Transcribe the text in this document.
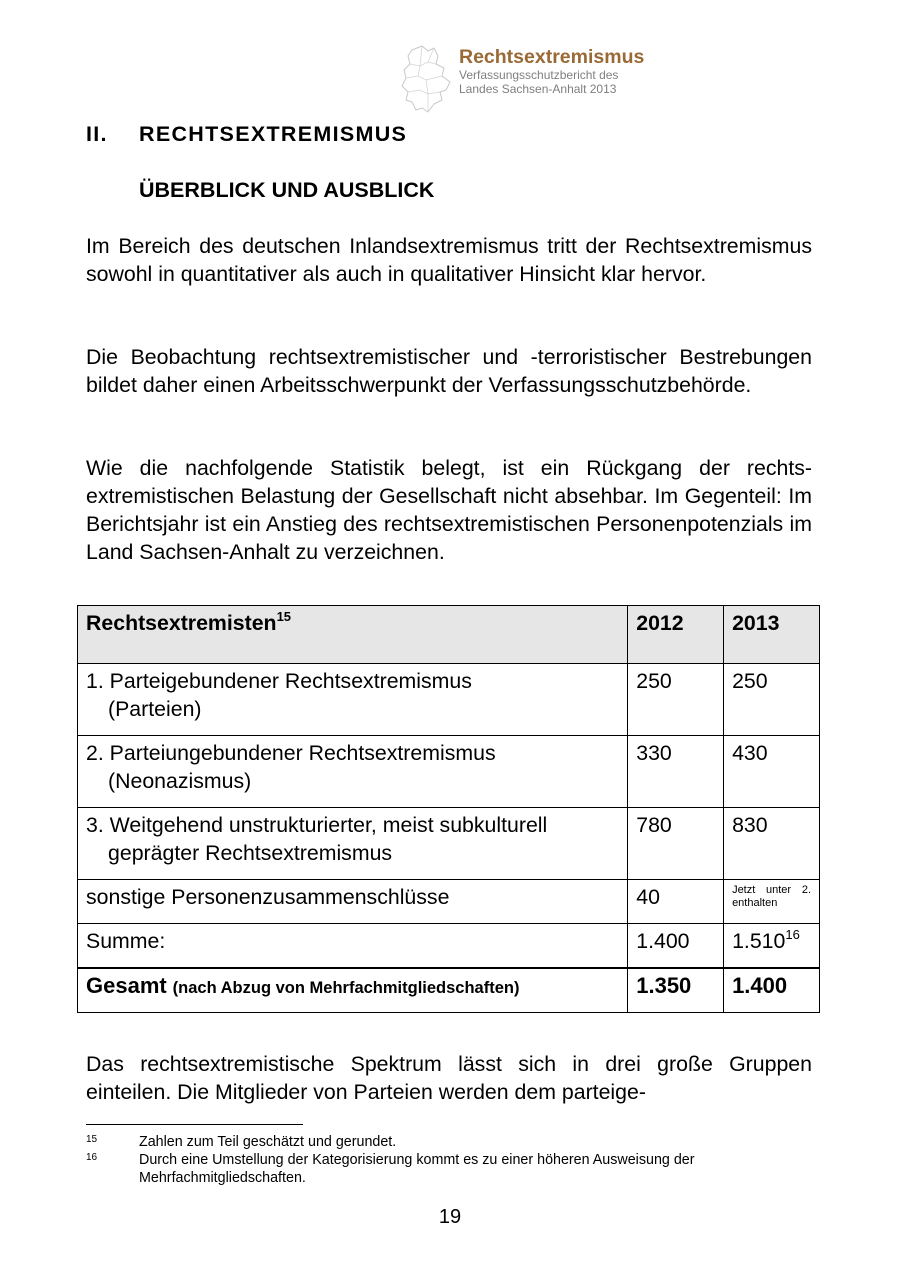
Rechtsextremismus
Verfassungsschutzbericht des
Landes Sachsen-Anhalt 2013
II. RECHTSEXTREMISMUS
ÜBERBLICK UND AUSBLICK

Im Bereich des deutschen Inlandsextremismus tritt der Rechtsextremismus sowohl in quantitativer als auch in qualitativer Hinsicht klar hervor.

Die Beobachtung rechtsextremistischer und -terroristischer Bestrebungen bildet daher einen Arbeitsschwerpunkt der Verfassungsschutzbehörde.

Wie die nachfolgende Statistik belegt, ist ein Rückgang der rechtsextremistischen Belastung der Gesellschaft nicht absehbar. Im Gegenteil: Im Berichtsjahr ist ein Anstieg des rechtsextremistischen Personenpotenzials im Land Sachsen-Anhalt zu verzeichnen.

Rechtsextremisten$^{15}$	2012	2013
1. Parteigebundener Rechtsextremismus
(Parteien)	250	250
2. Parteiungebundener Rechtsextremismus
(Neonazismus)	330	430
3. Weitgehend unstrukturierter, meist subkulturell
geprägter Rechtsextremismus	780	830
sonstige Personenzusammenschlüsse	40	Jetzt unter 2. enthalten

Summe:	1.400	1.510$^{16}$
Gesamt (nach Abzug von Mehrfachmitgliedschaften)	1.350	1.400

Das rechtsextremistische Spektrum lässt sich in drei große Gruppen einteilen. Die Mitglieder von Parteien werden dem parteige-

15	Zahlen zum Teil geschätzt und gerundet.
16	Durch eine Umstellung der Kategorisierung kommt es zu einer höheren Ausweisung der Mehrfachmitgliedschaften.
19
